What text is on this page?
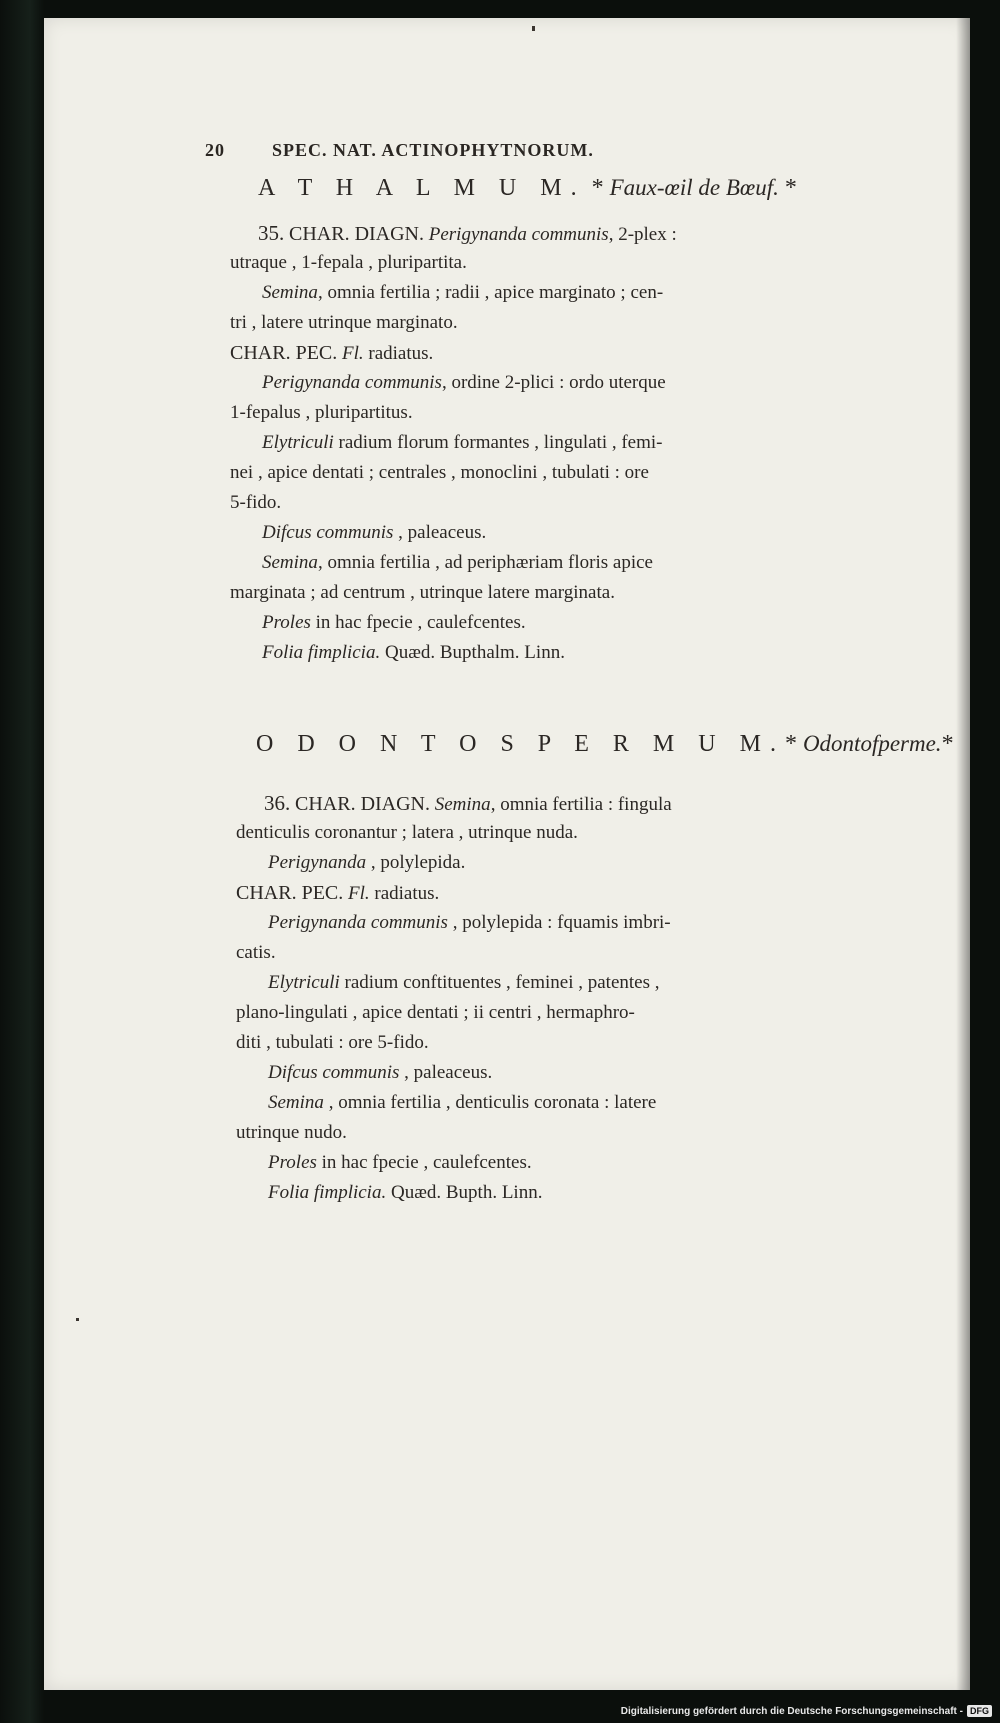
20	SPEC. NAT. ACTINOPHYTNORUM.
A T H A L M U M. * Faux-œil de Bœuf. *
35. CHAR. DIAGN. Perigynanda communis, 2-plex :
utraque , 1-fepala , pluripartita.
Semina, omnia fertilia ; radii , apice marginato ; cen-
tri , latere utrinque marginato.
CHAR. PEC. Fl. radiatus.
Perigynanda communis, ordine 2-plici : ordo uterque
1-fepalus , pluripartitus.
Elytriculi radium florum formantes , lingulati , femi-
nei , apice dentati ; centrales , monoclini , tubulati : ore
5-fido.
Difcus communis , paleaceus.
Semina, omnia fertilia , ad periphæriam floris apice
marginata ; ad centrum , utrinque latere marginata.
Proles in hac fpecie , caulefcentes.
Folia fimplicia. Quæd. Bupthalm. Linn.
O D O N T O S P E R M U M.* Odontofperme.*
36. CHAR. DIAGN. Semina, omnia fertilia : fingula
denticulis coronantur ; latera , utrinque nuda.
Perigynanda , polylepida.
CHAR. PEC. Fl. radiatus.
Perigynanda communis , polylepida : fquamis imbri-
catis.
Elytriculi radium conftituentes , feminei , patentes ,
plano-lingulati , apice dentati ; ii centri , hermaphro-
diti , tubulati : ore 5-fido.
Difcus communis , paleaceus.
Semina , omnia fertilia , denticulis coronata : latere
utrinque nudo.
Proles in hac fpecie , caulefcentes.
Folia fimplicia. Quæd. Bupth. Linn.
Digitalisierung gefördert durch die Deutsche Forschungsgemeinschaft - DFG
